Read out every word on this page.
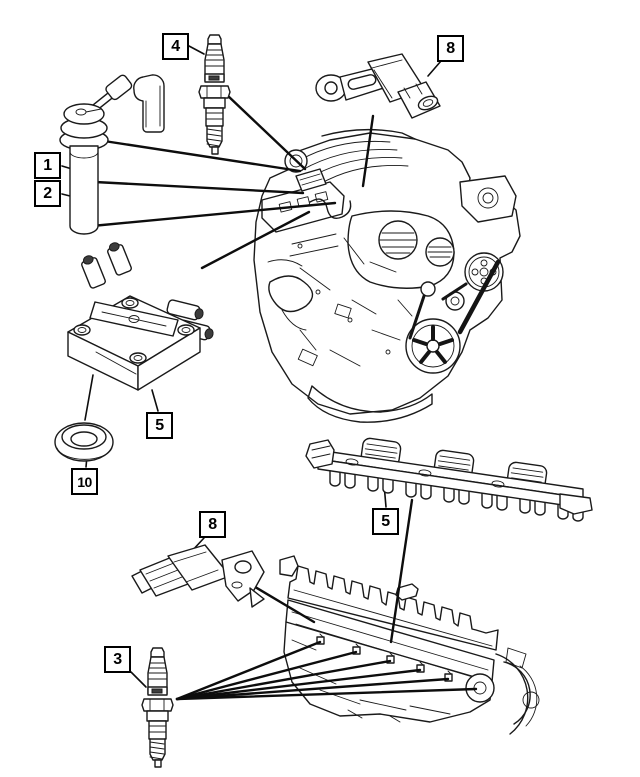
4	8
1
2
5
10
5
8
3
